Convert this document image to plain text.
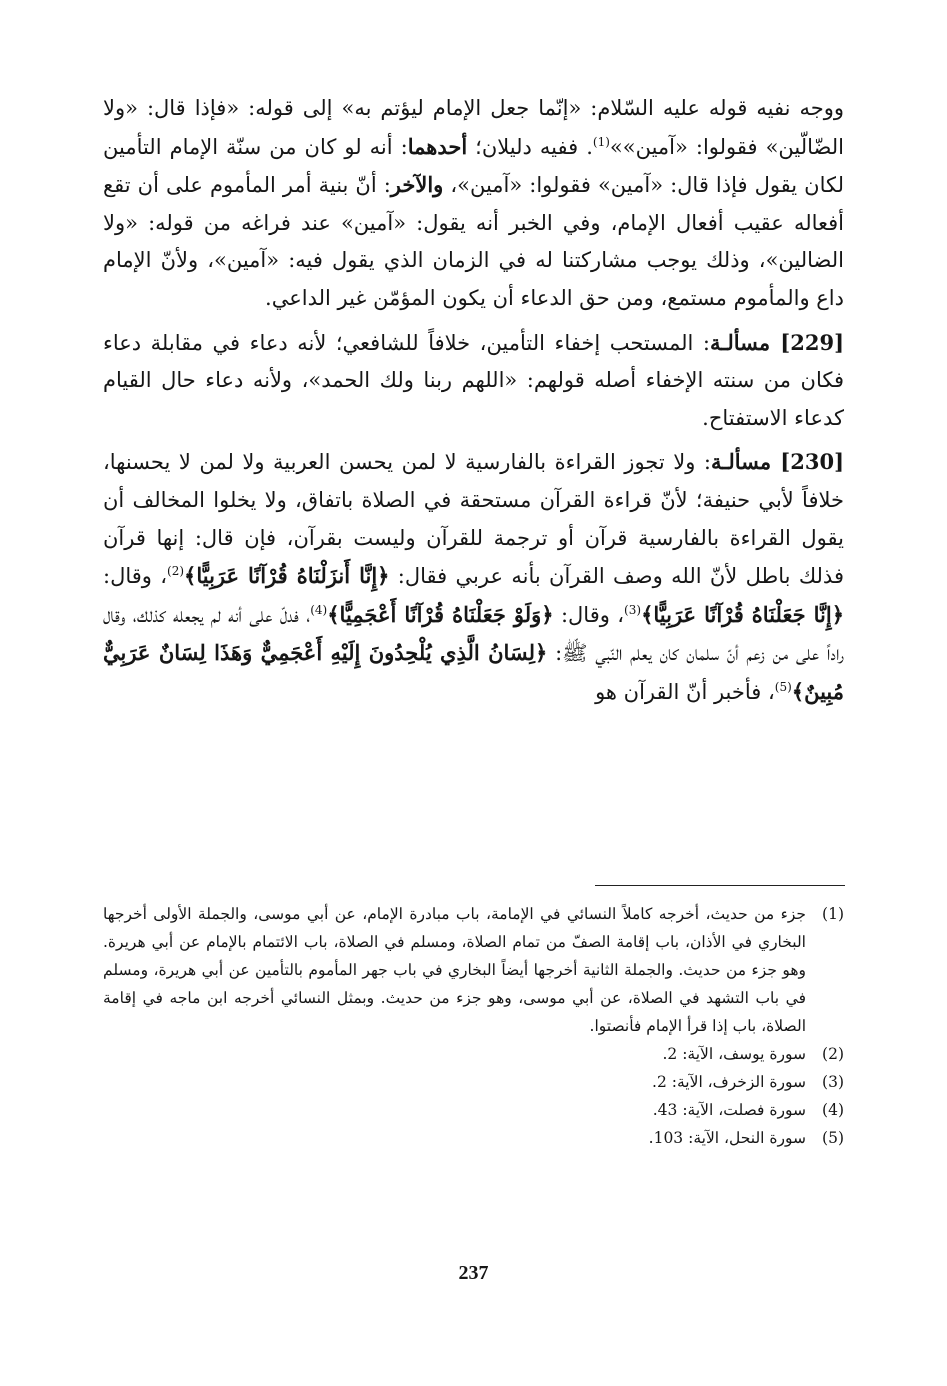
ووجه نفيه قوله عليه السّلام: «إنّما جعل الإمام ليؤتم به» إلى قوله: «فإذا قال: «ولا الضّالّين» فقولوا: «آمين»»$^{(1)}$. ففيه دليلان؛ أحدهما: أنه لو كان من سنّة الإمام التأمين لكان يقول فإذا قال: «آمين» فقولوا: «آمين»، والآخر: أنّ بنية أمر المأموم على أن تقع أفعاله عقيب أفعال الإمام، وفي الخبر أنه يقول: «آمين» عند فراغه من قوله: «ولا الضالين»، وذلك يوجب مشاركتنا له في الزمان الذي يقول فيه: «آمين»، ولأنّ الإمام داع والمأموم مستمع، ومن حق الدعاء أن يكون المؤمّن غير الداعي.

[229] مسألـة: المستحب إخفاء التأمين، خلافاً للشافعي؛ لأنه دعاء في مقابلة دعاء فكان من سنته الإخفاء أصله قولهم: «اللهم ربنا ولك الحمد»، ولأنه دعاء حال القيام كدعاء الاستفتاح.

[230] مسألـة: ولا تجوز القراءة بالفارسية لا لمن يحسن العربية ولا لمن لا يحسنها، خلافاً لأبي حنيفة؛ لأنّ قراءة القرآن مستحقة في الصلاة باتفاق، ولا يخلوا المخالف أن يقول القراءة بالفارسية قرآن أو ترجمة للقرآن وليست بقرآن، فإن قال: إنها قرآن فذلك باطل لأنّ الله وصف القرآن بأنه عربي فقال: ﴿إِنَّا أَنزَلْنَاهُ قُرْآنًا عَرَبِيًّا﴾$^{(2)}$، وقال: ﴿إِنَّا جَعَلْنَاهُ قُرْآنًا عَرَبِيًّا﴾$^{(3)}$، وقال: ﴿وَلَوْ جَعَلْنَاهُ قُرْآنًا أَعْجَمِيًّا﴾$^{(4)}$، فدلّ على أنه لم يجعله كذلك، وقال راداً على من زعم أنّ سلمان كان يعلم النّبي ﷺ: ﴿لِسَانُ الَّذِي يُلْحِدُونَ إِلَيْهِ أَعْجَمِيٌّ وَهَذَا لِسَانٌ عَرَبِيٌّ مُبِينٌ﴾$^{(5)}$، فأخبر أنّ القرآن هو

(1)
جزء من حديث، أخرجه كاملاً النسائي في الإمامة، باب مبادرة الإمام، عن أبي موسى، والجملة الأولى أخرجها البخاري في الأذان، باب إقامة الصفّ من تمام الصلاة، ومسلم في الصلاة، باب الائتمام بالإمام عن أبي هريرة. وهو جزء من حديث. والجملة الثانية أخرجها أيضاً البخاري في باب جهر المأموم بالتأمين عن أبي هريرة، ومسلم في باب التشهد في الصلاة، عن أبي موسى، وهو جزء من حديث. وبمثل النسائي أخرجه ابن ماجه في إقامة الصلاة، باب إذا قرأ الإمام فأنصتوا.
(2)
سورة يوسف، الآية: 2.
(3)
سورة الزخرف، الآية: 2.
(4)
سورة فصلت، الآية: 43.
(5)
سورة النحل، الآية: 103.
237
